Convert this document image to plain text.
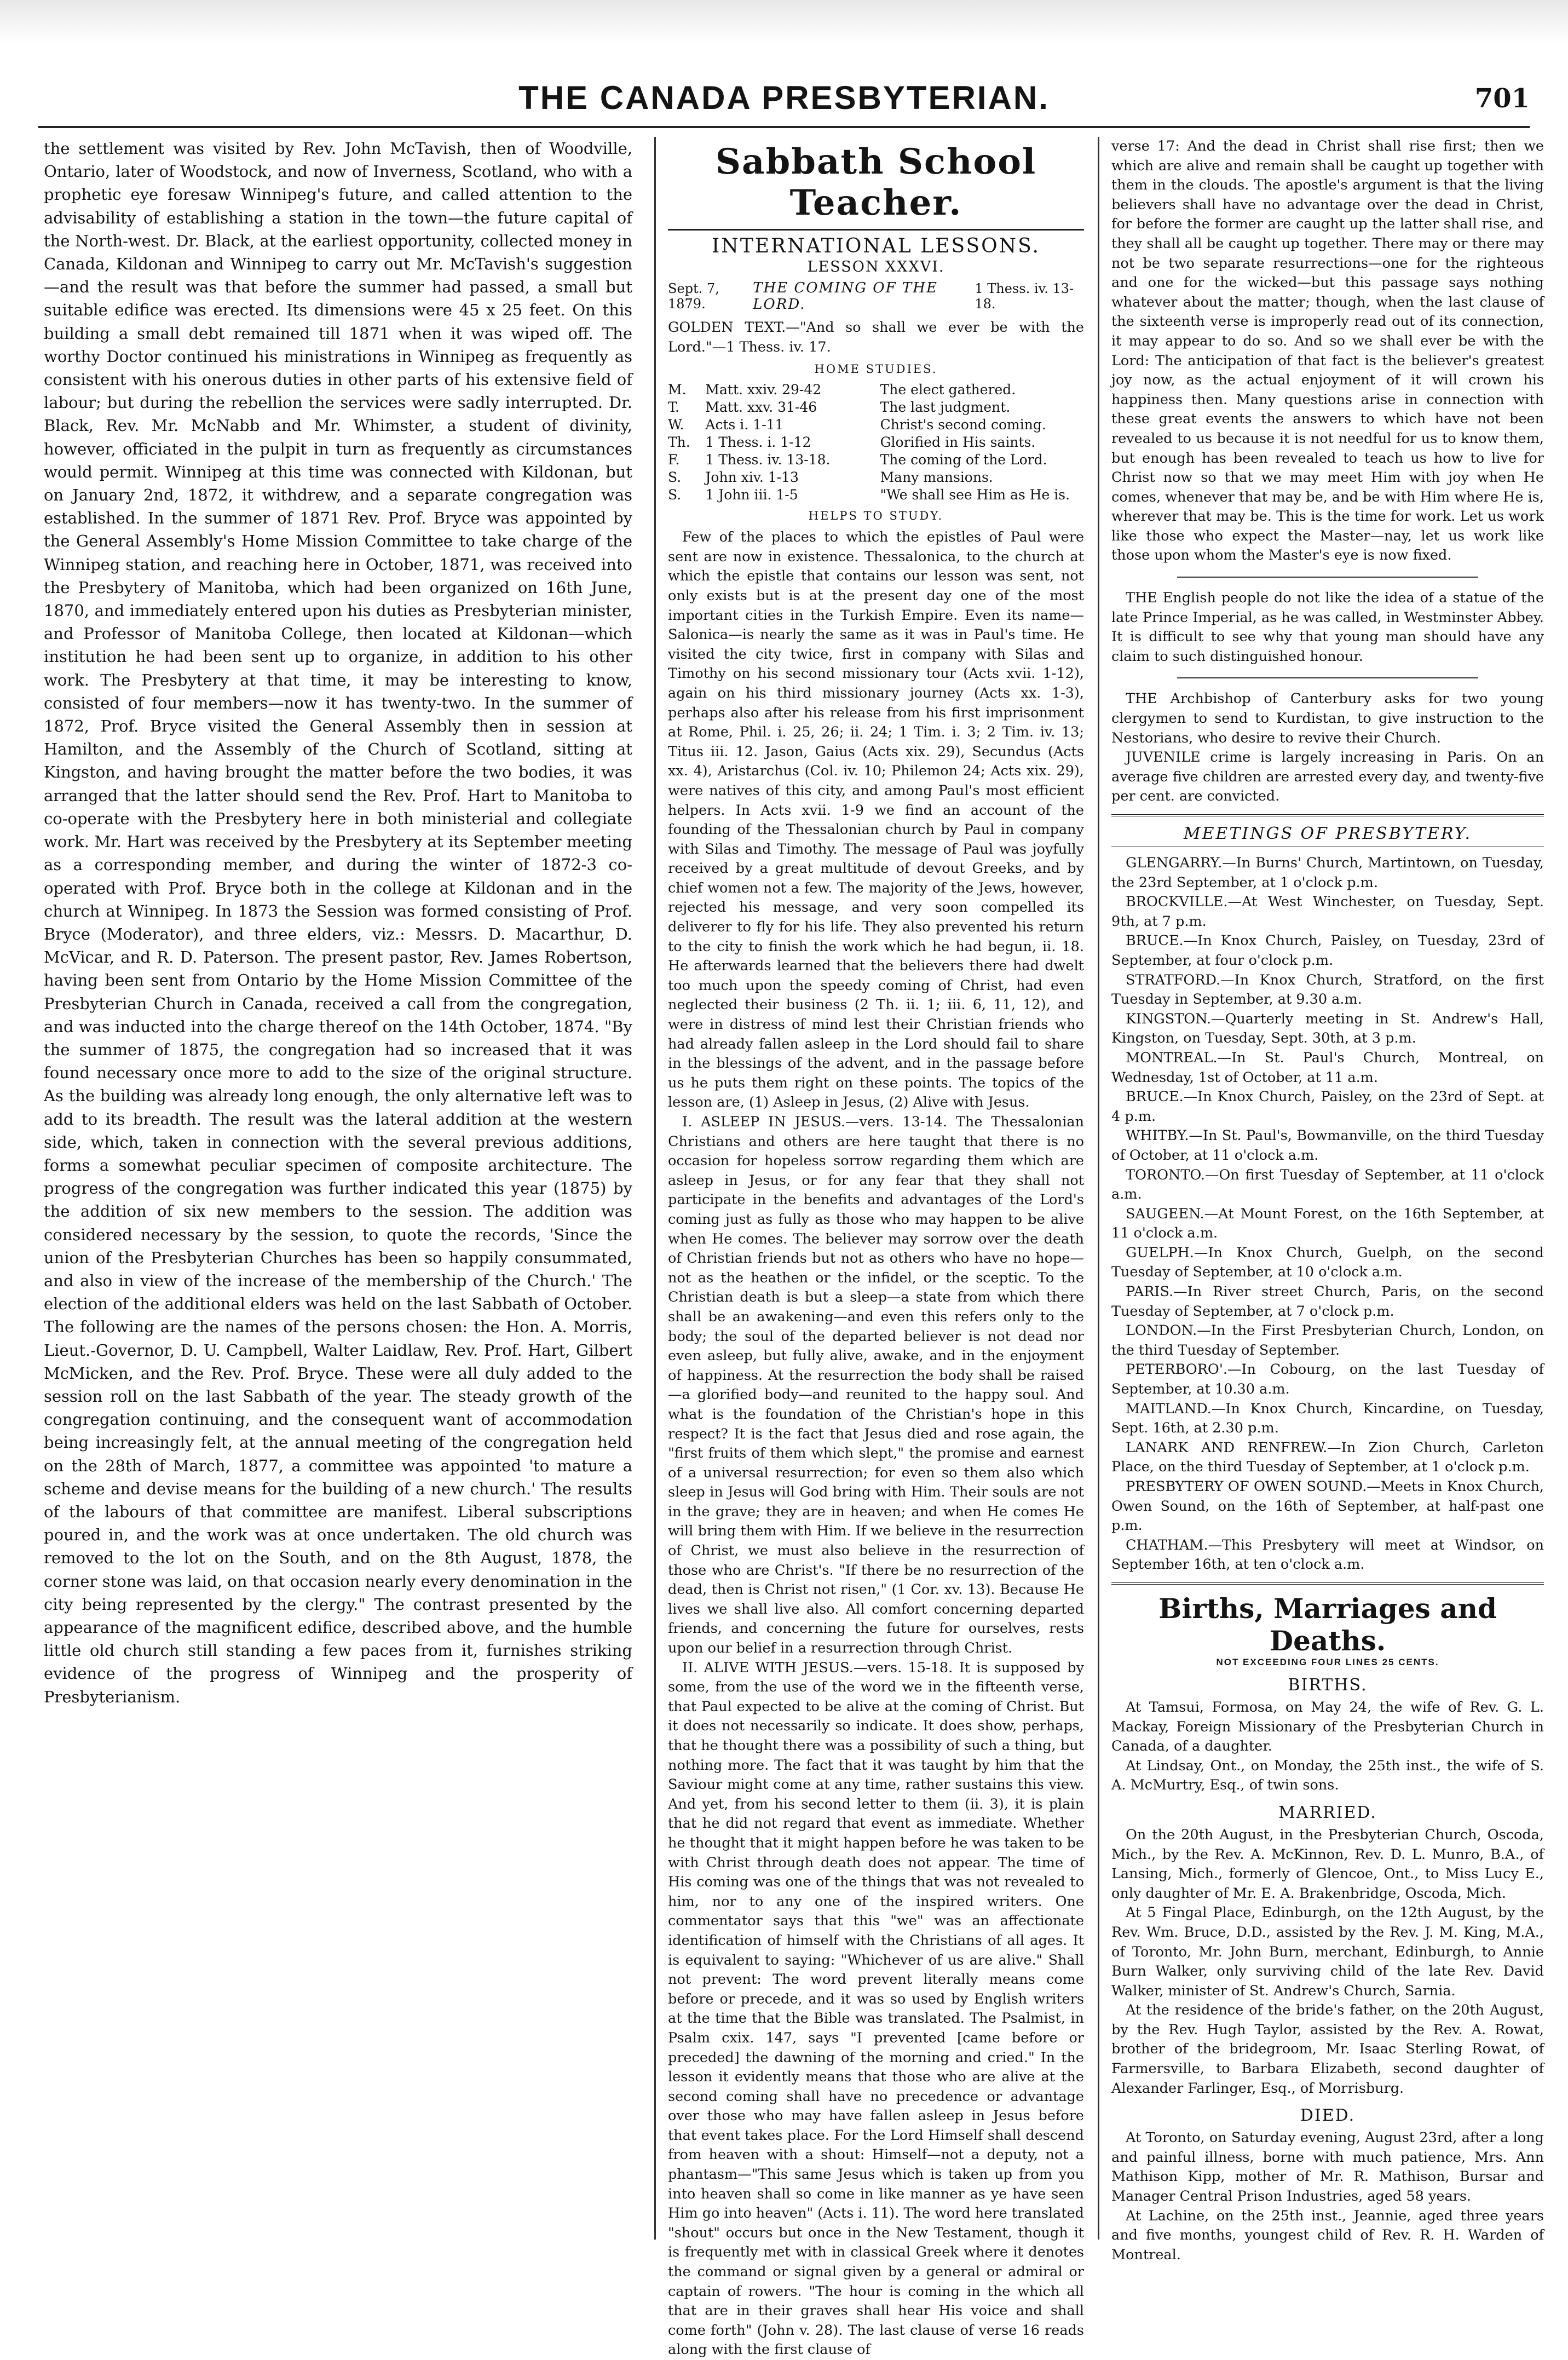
THE CANADA PRESBYTERIAN.	701

the settlement was visited by Rev. John McTavish, then of Woodville, Ontario, later of Woodstock, and now of Inverness, Scotland, who with a prophetic eye foresaw Winnipeg's future, and called attention to the advisability of establishing a station in the town—the future capital of the North-west. Dr. Black, at the earliest opportunity, collected money in Canada, Kildonan and Winnipeg to carry out Mr. McTavish's suggestion—and the result was that before the summer had passed, a small but suitable edifice was erected. Its dimensions were 45 x 25 feet. On this building a small debt remained till 1871 when it was wiped off. The worthy Doctor continued his ministrations in Winnipeg as frequently as consistent with his onerous duties in other parts of his extensive field of labour; but during the rebellion the services were sadly interrupted. Dr. Black, Rev. Mr. McNabb and Mr. Whimster, a student of divinity, however, officiated in the pulpit in turn as frequently as circumstances would permit. Winnipeg at this time was connected with Kildonan, but on January 2nd, 1872, it withdrew, and a separate congregation was established. In the summer of 1871 Rev. Prof. Bryce was appointed by the General Assembly's Home Mission Committee to take charge of the Winnipeg station, and reaching here in October, 1871, was received into the Presbytery of Manitoba, which had been organized on 16th June, 1870, and immediately entered upon his duties as Presbyterian minister, and Professor of Manitoba College, then located at Kildonan—which institution he had been sent up to organize, in addition to his other work. The Presbytery at that time, it may be interesting to know, consisted of four members—now it has twenty-two. In the summer of 1872, Prof. Bryce visited the General Assembly then in session at Hamilton, and the Assembly of the Church of Scotland, sitting at Kingston, and having brought the matter before the two bodies, it was arranged that the latter should send the Rev. Prof. Hart to Manitoba to co-operate with the Presbytery here in both ministerial and collegiate work. Mr. Hart was received by the Presbytery at its September meeting as a corresponding member, and during the winter of 1872-3 co-operated with Prof. Bryce both in the college at Kildonan and in the church at Winnipeg. In 1873 the Session was formed consisting of Prof. Bryce (Moderator), and three elders, viz.: Messrs. D. Macarthur, D. McVicar, and R. D. Paterson. The present pastor, Rev. James Robertson, having been sent from Ontario by the Home Mission Committee of the Presbyterian Church in Canada, received a call from the congregation, and was inducted into the charge thereof on the 14th October, 1874. "By the summer of 1875, the congregation had so increased that it was found necessary once more to add to the size of the original structure. As the building was already long enough, the only alternative left was to add to its breadth. The result was the lateral addition at the western side, which, taken in connection with the several previous additions, forms a somewhat peculiar specimen of composite architecture. The progress of the congregation was further indicated this year (1875) by the addition of six new members to the session. The addition was considered necessary by the session, to quote the records, 'Since the union of the Presbyterian Churches has been so happily consummated, and also in view of the increase of the membership of the Church.' The election of the additional elders was held on the last Sabbath of October. The following are the names of the persons chosen: the Hon. A. Morris, Lieut.-Governor, D. U. Campbell, Walter Laidlaw, Rev. Prof. Hart, Gilbert McMicken, and the Rev. Prof. Bryce. These were all duly added to the session roll on the last Sabbath of the year. The steady growth of the congregation continuing, and the consequent want of accommodation being increasingly felt, at the annual meeting of the congregation held on the 28th of March, 1877, a committee was appointed 'to mature a scheme and devise means for the building of a new church.' The results of the labours of that committee are manifest. Liberal subscriptions poured in, and the work was at once undertaken. The old church was removed to the lot on the South, and on the 8th August, 1878, the corner stone was laid, on that occasion nearly every denomination in the city being represented by the clergy." The contrast presented by the appearance of the magnificent edifice, described above, and the humble little old church still standing a few paces from it, furnishes striking evidence of the progress of Winnipeg and the prosperity of Presbyterianism.

Sabbath School Teacher.
INTERNATIONAL LESSONS.
LESSON XXXVI.
Sept. 7, 1879.
THE COMING OF THE LORD.
1 Thess. iv. 13-18.
GOLDEN TEXT.—"And so shall we ever be with the Lord."—1 Thess. iv. 17.
HOME STUDIES.
M.	Matt. xxiv. 29-42	The elect gathered.
T.	Matt. xxv. 31-46	The last judgment.
W.	Acts i. 1-11	Christ's second coming.
Th.	1 Thess. i. 1-12	Glorified in His saints.
F.	1 Thess. iv. 13-18.	The coming of the Lord.
S.	John xiv. 1-13	Many mansions.
S.	1 John iii. 1-5	"We shall see Him as He is.
HELPS TO STUDY.

Few of the places to which the epistles of Paul were sent are now in existence. Thessalonica, to the church at which the epistle that contains our lesson was sent, not only exists but is at the present day one of the most important cities in the Turkish Empire. Even its name—Salonica—is nearly the same as it was in Paul's time. He visited the city twice, first in company with Silas and Timothy on his second missionary tour (Acts xvii. 1-12), again on his third missionary journey (Acts xx. 1-3), perhaps also after his release from his first imprisonment at Rome, Phil. i. 25, 26; ii. 24; 1 Tim. i. 3; 2 Tim. iv. 13; Titus iii. 12. Jason, Gaius (Acts xix. 29), Secundus (Acts xx. 4), Aristarchus (Col. iv. 10; Philemon 24; Acts xix. 29), were natives of this city, and among Paul's most efficient helpers. In Acts xvii. 1-9 we find an account of the founding of the Thessalonian church by Paul in company with Silas and Timothy. The message of Paul was joyfully received by a great multitude of devout Greeks, and by chief women not a few. The majority of the Jews, however, rejected his message, and very soon compelled its deliverer to fly for his life. They also prevented his return to the city to finish the work which he had begun, ii. 18. He afterwards learned that the believers there had dwelt too much upon the speedy coming of Christ, had even neglected their business (2 Th. ii. 1; iii. 6, 11, 12), and were in distress of mind lest their Christian friends who had already fallen asleep in the Lord should fail to share in the blessings of the advent, and in the passage before us he puts them right on these points. The topics of the lesson are, (1) Asleep in Jesus, (2) Alive with Jesus.

I. ASLEEP IN JESUS.—vers. 13-14. The Thessalonian Christians and others are here taught that there is no occasion for hopeless sorrow regarding them which are asleep in Jesus, or for any fear that they shall not participate in the benefits and advantages of the Lord's coming just as fully as those who may happen to be alive when He comes. The believer may sorrow over the death of Christian friends but not as others who have no hope—not as the heathen or the infidel, or the sceptic. To the Christian death is but a sleep—a state from which there shall be an awakening—and even this refers only to the body; the soul of the departed believer is not dead nor even asleep, but fully alive, awake, and in the enjoyment of happiness. At the resurrection the body shall be raised—a glorified body—and reunited to the happy soul. And what is the foundation of the Christian's hope in this respect? It is the fact that Jesus died and rose again, the "first fruits of them which slept," the promise and earnest of a universal resurrection; for even so them also which sleep in Jesus will God bring with Him. Their souls are not in the grave; they are in heaven; and when He comes He will bring them with Him. If we believe in the resurrection of Christ, we must also believe in the resurrection of those who are Christ's. "If there be no resurrection of the dead, then is Christ not risen," (1 Cor. xv. 13). Because He lives we shall live also. All comfort concerning departed friends, and concerning the future for ourselves, rests upon our belief in a resurrection through Christ.

II. ALIVE WITH JESUS.—vers. 15-18. It is supposed by some, from the use of the word we in the fifteenth verse, that Paul expected to be alive at the coming of Christ. But it does not necessarily so indicate. It does show, perhaps, that he thought there was a possibility of such a thing, but nothing more. The fact that it was taught by him that the Saviour might come at any time, rather sustains this view. And yet, from his second letter to them (ii. 3), it is plain that he did not regard that event as immediate. Whether he thought that it might happen before he was taken to be with Christ through death does not appear. The time of His coming was one of the things that was not revealed to him, nor to any one of the inspired writers. One commentator says that this "we" was an affectionate identification of himself with the Christians of all ages. It is equivalent to saying: "Whichever of us are alive." Shall not prevent: The word prevent literally means come before or precede, and it was so used by English writers at the time that the Bible was translated. The Psalmist, in Psalm cxix. 147, says "I prevented [came before or preceded] the dawning of the morning and cried." In the lesson it evidently means that those who are alive at the second coming shall have no precedence or advantage over those who may have fallen asleep in Jesus before that event takes place. For the Lord Himself shall descend from heaven with a shout: Himself—not a deputy, not a phantasm—"This same Jesus which is taken up from you into heaven shall so come in like manner as ye have seen Him go into heaven" (Acts i. 11). The word here translated "shout" occurs but once in the New Testament, though it is frequently met with in classical Greek where it denotes the command or signal given by a general or admiral or captain of rowers. "The hour is coming in the which all that are in their graves shall hear His voice and shall come forth" (John v. 28). The last clause of verse 16 reads along with the first clause of

verse 17: And the dead in Christ shall rise first; then we which are alive and remain shall be caught up together with them in the clouds. The apostle's argument is that the living believers shall have no advantage over the dead in Christ, for before the former are caught up the latter shall rise, and they shall all be caught up together. There may or there may not be two separate resurrections—one for the righteous and one for the wicked—but this passage says nothing whatever about the matter; though, when the last clause of the sixteenth verse is improperly read out of its connection, it may appear to do so. And so we shall ever be with the Lord: The anticipation of that fact is the believer's greatest joy now, as the actual enjoyment of it will crown his happiness then. Many questions arise in connection with these great events the answers to which have not been revealed to us because it is not needful for us to know them, but enough has been revealed to teach us how to live for Christ now so that we may meet Him with joy when He comes, whenever that may be, and be with Him where He is, wherever that may be. This is the time for work. Let us work like those who expect the Master—nay, let us work like those upon whom the Master's eye is now fixed.

THE English people do not like the idea of a statue of the late Prince Imperial, as he was called, in Westminster Abbey. It is difficult to see why that young man should have any claim to such distinguished honour.

THE Archbishop of Canterbury asks for two young clergymen to send to Kurdistan, to give instruction to the Nestorians, who desire to revive their Church.

JUVENILE crime is largely increasing in Paris. On an average five children are arrested every day, and twenty-five per cent. are convicted.

MEETINGS OF PRESBYTERY.

GLENGARRY.—In Burns' Church, Martintown, on Tuesday, the 23rd September, at 1 o'clock p.m.

BROCKVILLE.—At West Winchester, on Tuesday, Sept. 9th, at 7 p.m.

BRUCE.—In Knox Church, Paisley, on Tuesday, 23rd of September, at four o'clock p.m.

STRATFORD.—In Knox Church, Stratford, on the first Tuesday in September, at 9.30 a.m.

KINGSTON.—Quarterly meeting in St. Andrew's Hall, Kingston, on Tuesday, Sept. 30th, at 3 p.m.

MONTREAL.—In St. Paul's Church, Montreal, on Wednesday, 1st of October, at 11 a.m.

BRUCE.—In Knox Church, Paisley, on the 23rd of Sept. at 4 p.m.

WHITBY.—In St. Paul's, Bowmanville, on the third Tuesday of October, at 11 o'clock a.m.

TORONTO.—On first Tuesday of September, at 11 o'clock a.m.

SAUGEEN.—At Mount Forest, on the 16th September, at 11 o'clock a.m.

GUELPH.—In Knox Church, Guelph, on the second Tuesday of September, at 10 o'clock a.m.

PARIS.—In River street Church, Paris, on the second Tuesday of September, at 7 o'clock p.m.

LONDON.—In the First Presbyterian Church, London, on the third Tuesday of September.

PETERBORO'.—In Cobourg, on the last Tuesday of September, at 10.30 a.m.

MAITLAND.—In Knox Church, Kincardine, on Tuesday, Sept. 16th, at 2.30 p.m.

LANARK AND RENFREW.—In Zion Church, Carleton Place, on the third Tuesday of September, at 1 o'clock p.m.

PRESBYTERY OF OWEN SOUND.—Meets in Knox Church, Owen Sound, on the 16th of September, at half-past one p.m.

CHATHAM.—This Presbytery will meet at Windsor, on September 16th, at ten o'clock a.m.

Births, Marriages and Deaths.
NOT EXCEEDING FOUR LINES 25 CENTS.
BIRTHS.

At Tamsui, Formosa, on May 24, the wife of Rev. G. L. Mackay, Foreign Missionary of the Presbyterian Church in Canada, of a daughter.

At Lindsay, Ont., on Monday, the 25th inst., the wife of S. A. McMurtry, Esq., of twin sons.

MARRIED.

On the 20th August, in the Presbyterian Church, Oscoda, Mich., by the Rev. A. McKinnon, Rev. D. L. Munro, B.A., of Lansing, Mich., formerly of Glencoe, Ont., to Miss Lucy E., only daughter of Mr. E. A. Brakenbridge, Oscoda, Mich.

At 5 Fingal Place, Edinburgh, on the 12th August, by the Rev. Wm. Bruce, D.D., assisted by the Rev. J. M. King, M.A., of Toronto, Mr. John Burn, merchant, Edinburgh, to Annie Burn Walker, only surviving child of the late Rev. David Walker, minister of St. Andrew's Church, Sarnia.

At the residence of the bride's father, on the 20th August, by the Rev. Hugh Taylor, assisted by the Rev. A. Rowat, brother of the bridegroom, Mr. Isaac Sterling Rowat, of Farmersville, to Barbara Elizabeth, second daughter of Alexander Farlinger, Esq., of Morrisburg.

DIED.

At Toronto, on Saturday evening, August 23rd, after a long and painful illness, borne with much patience, Mrs. Ann Mathison Kipp, mother of Mr. R. Mathison, Bursar and Manager Central Prison Industries, aged 58 years.

At Lachine, on the 25th inst., Jeannie, aged three years and five months, youngest child of Rev. R. H. Warden of Montreal.
